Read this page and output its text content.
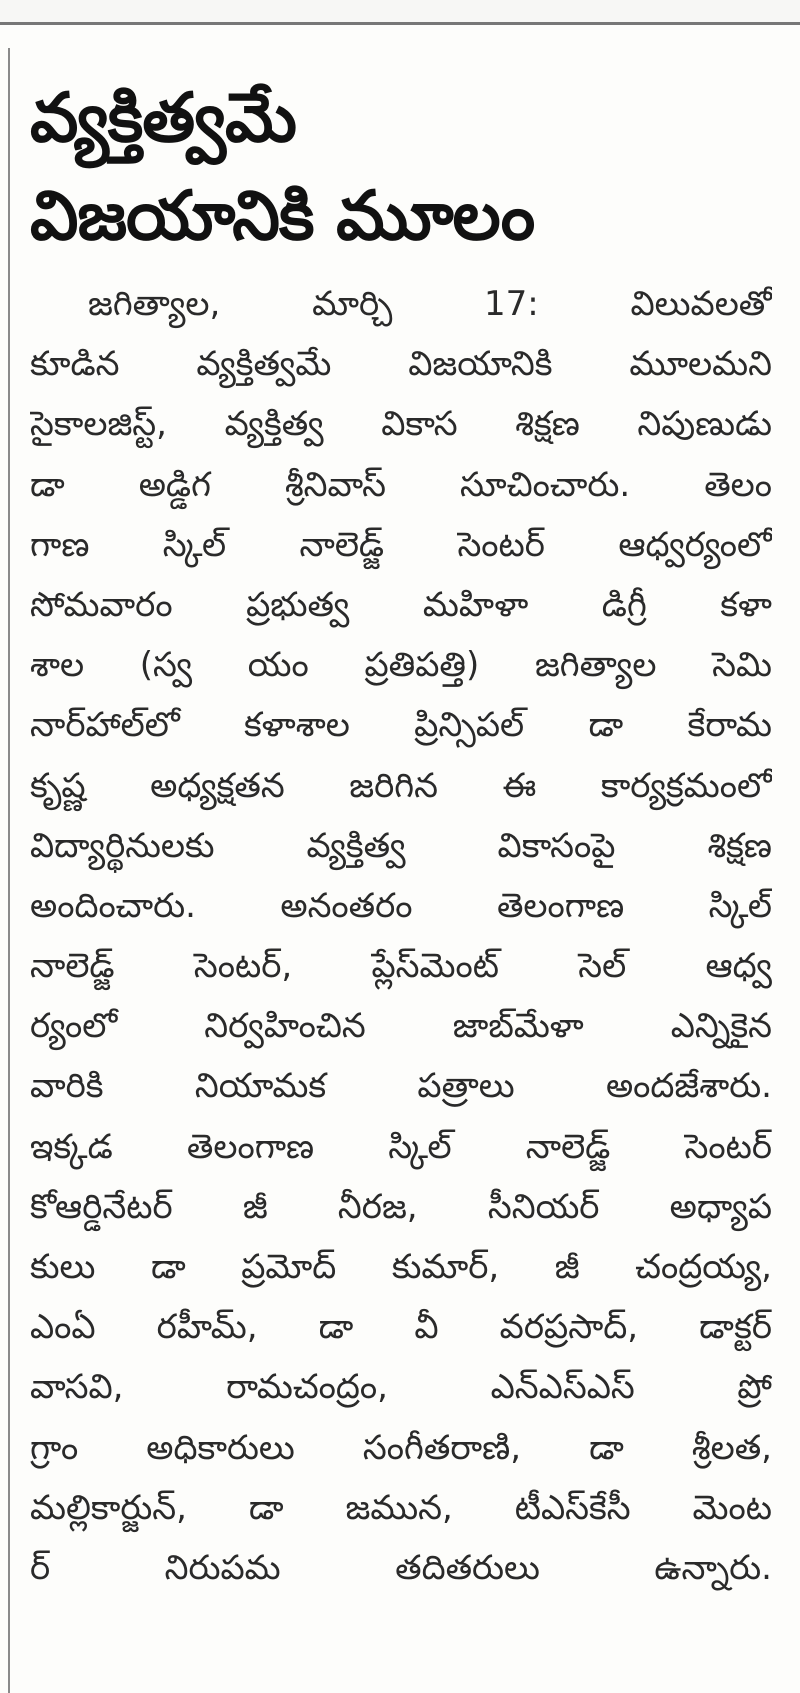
వ్యక్తిత్వమే
విజయానికి మూలం
జగిత్యాల, మార్చి 17: విలువలతో
కూడిన వ్యక్తిత్వమే విజయానికి మూలమని
సైకాలజిస్ట్, వ్యక్తిత్వ వికాస శిక్షణ నిపుణుడు
డా అడ్డిగ శ్రీనివాస్ సూచించారు. తెలం
గాణ స్కిల్ నాలెడ్జ్ సెంటర్ ఆధ్వర్యంలో
సోమవారం ప్రభుత్వ మహిళా డిగ్రీ కళా
శాల (స్వ యం ప్రతిపత్తి) జగిత్యాల సెమి
నార్‌హాల్‌లో కళాశాల ప్రిన్సిపల్ డా కేరామ
కృష్ణ అధ్యక్షతన జరిగిన ఈ కార్యక్రమంలో
విద్యార్థినులకు వ్యక్తిత్వ వికాసంపై శిక్షణ
అందించారు. అనంతరం తెలంగాణ స్కిల్
నాలెడ్జ్ సెంటర్, ప్లేస్‌మెంట్ సెల్ ఆధ్వ
ర్యంలో నిర్వహించిన జాబ్‌మేళా ఎన్నికైన
వారికి నియామక పత్రాలు అందజేశారు.
ఇక్కడ తెలంగాణ స్కిల్ నాలెడ్జ్ సెంటర్
కోఆర్డినేటర్ జీ నీరజ, సీనియర్ అధ్యాప
కులు డా ప్రమోద్ కుమార్, జీ చంద్రయ్య,
ఎంఏ రహీమ్, డా వీ వరప్రసాద్, డాక్టర్
వాసవి, రామచంద్రం, ఎన్ఎస్ఎస్ ప్రో
గ్రాం అధికారులు సంగీతరాణి, డా శ్రీలత,
మల్లికార్జున్, డా జమున, టీఎస్‌కేసీ మెంట
ర్ నిరుపమ తదితరులు ఉన్నారు.
